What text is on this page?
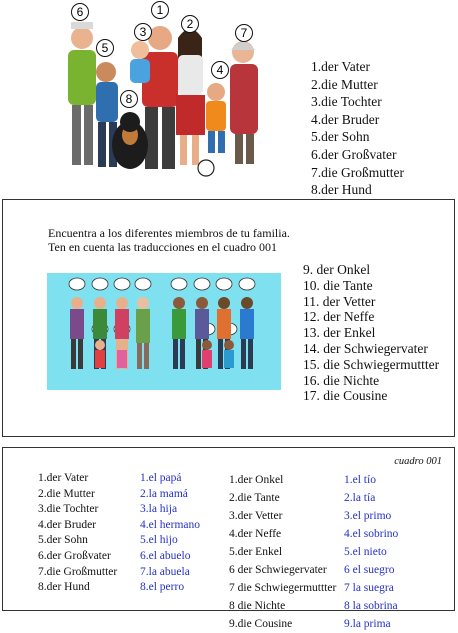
1
2
3
4
5
6
7
8
1.der Vater
2.die Mutter
3.die Tochter
4.der Bruder
5.der Sohn
6.der Großvater
7.die Großmutter
8.der Hund
Encuentra a los diferentes miembros de tu familia.
Ten en cuenta las traducciones en el cuadro 001
9. der Onkel
10. die Tante
11. der Vetter
12. der Neffe
13. der Enkel
14. der Schwiegervater
15. die Schwiegermuttter
16. die Nichte
17. die Cousine
cuadro 001
1.der Vater
2.die Mutter
3.die Tochter
4.der Bruder
5.der Sohn
6.der Großvater
7.die Großmutter
8.der Hund
1.el papá
2.la mamá
3.la hija
4.el hermano
5.el hijo
6.el abuelo
7.la abuela
8.el perro
1.der Onkel
2.die Tante
3.der Vetter
4.der Neffe
5.der Enkel
6 der Schwiegervater
7 die Schwiegermuttter
8 die Nichte
9.die Cousine
1.el tío
2.la tía
3.el primo
4.el sobrino
5.el nieto
6 el suegro
7 la suegra
8 la sobrina
9.la prima
